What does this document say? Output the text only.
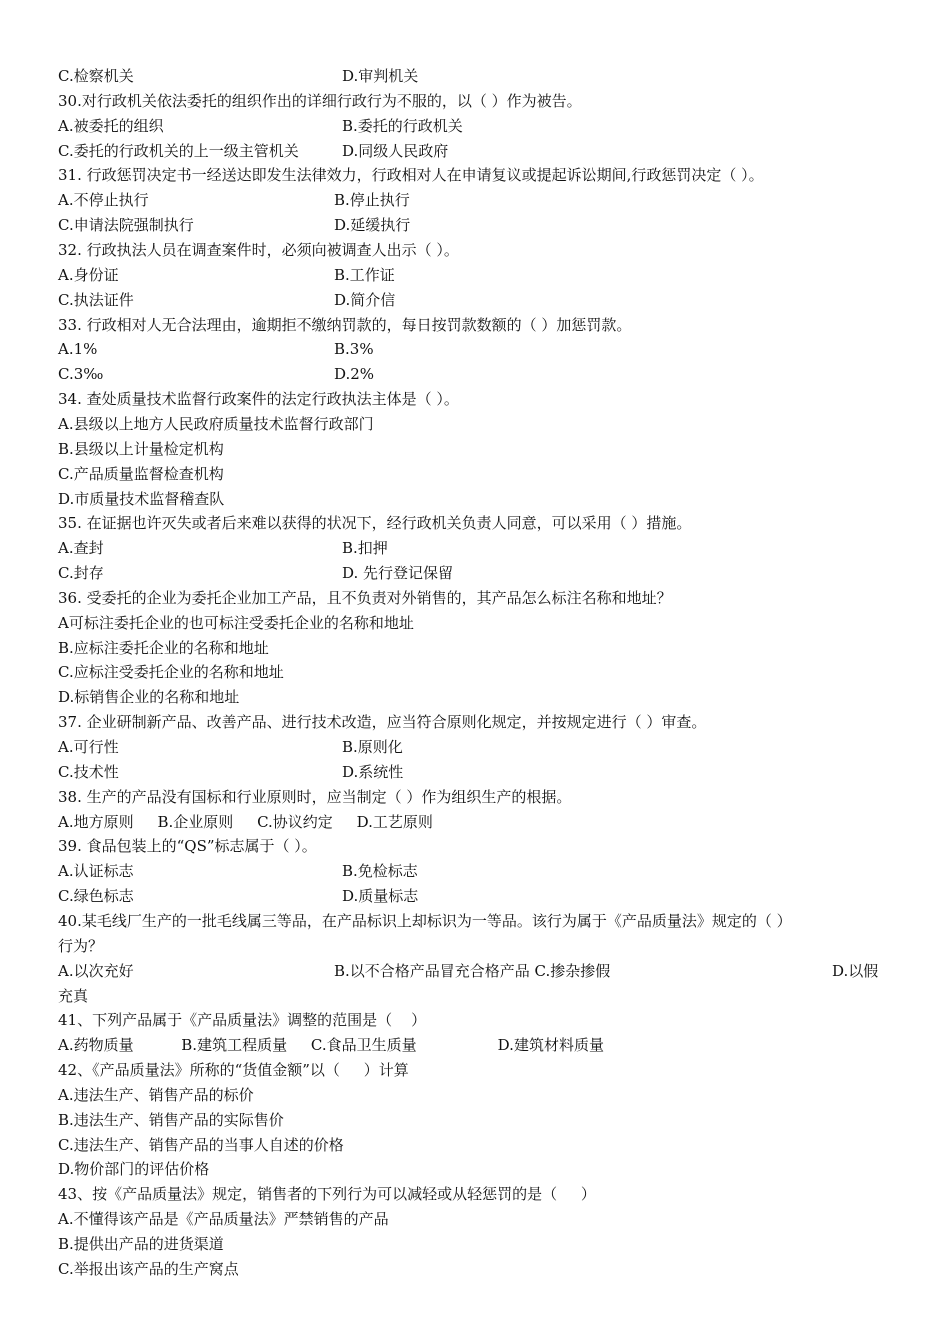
C.检察机关	D.审判机关
30.对行政机关依法委托的组织作出的详细行政行为不服的，以（ ）作为被告。
A.被委托的组织	B.委托的行政机关
C.委托的行政机关的上一级主管机关	D.同级人民政府
31. 行政惩罚决定书一经送达即发生法律效力，行政相对人在申请复议或提起诉讼期间,行政惩罚决定（ ）。
A.不停止执行	B.停止执行
C.申请法院强制执行	D.延缓执行
32. 行政执法人员在调查案件时，必须向被调查人出示（ ）。
A.身份证	B.工作证
C.执法证件	D.简介信
33. 行政相对人无合法理由，逾期拒不缴纳罚款的，每日按罚款数额的（ ）加惩罚款。
A.1%	B.3%
C.3‰	D.2%
34. 查处质量技术监督行政案件的法定行政执法主体是（ ）。
A.县级以上地方人民政府质量技术监督行政部门
B.县级以上计量检定机构
C.产品质量监督检查机构
D.市质量技术监督稽查队
35. 在证据也许灭失或者后来难以获得的状况下，经行政机关负责人同意，可以采用（ ）措施。
A.查封	B.扣押
C.封存	D. 先行登记保留
36. 受委托的企业为委托企业加工产品，且不负责对外销售的，其产品怎么标注名称和地址？
A可标注委托企业的也可标注受委托企业的名称和地址
B.应标注委托企业的名称和地址
C.应标注受委托企业的名称和地址
D.标销售企业的名称和地址
37. 企业研制新产品、改善产品、进行技术改造，应当符合原则化规定，并按规定进行（ ）审查。
A.可行性	B.原则化
C.技术性	D.系统性
38. 生产的产品没有国标和行业原则时，应当制定（ ）作为组织生产的根据。
A.地方原则     B.企业原则     C.协议约定     D.工艺原则
39. 食品包装上的“QS”标志属于（ ）。
A.认证标志	B.免检标志
C.绿色标志	D.质量标志
40.某毛线厂生产的一批毛线属三等品，在产品标识上却标识为一等品。该行为属于《产品质量法》规定的（ ）
行为？
A.以次充好	B.以不合格产品冒充合格产品 C.掺杂掺假	D.以假
充真
41、下列产品属于《产品质量法》调整的范围是（    ）
A.药物质量          B.建筑工程质量     C.食品卫生质量                 D.建筑材料质量
42、《产品质量法》所称的“货值金额”以（     ）计算
A.违法生产、销售产品的标价
B.违法生产、销售产品的实际售价
C.违法生产、销售产品的当事人自述的价格
D.物价部门的评估价格
43、按《产品质量法》规定，销售者的下列行为可以减轻或从轻惩罚的是（     ）
A.不懂得该产品是《产品质量法》严禁销售的产品
B.提供出产品的进货渠道
C.举报出该产品的生产窝点
